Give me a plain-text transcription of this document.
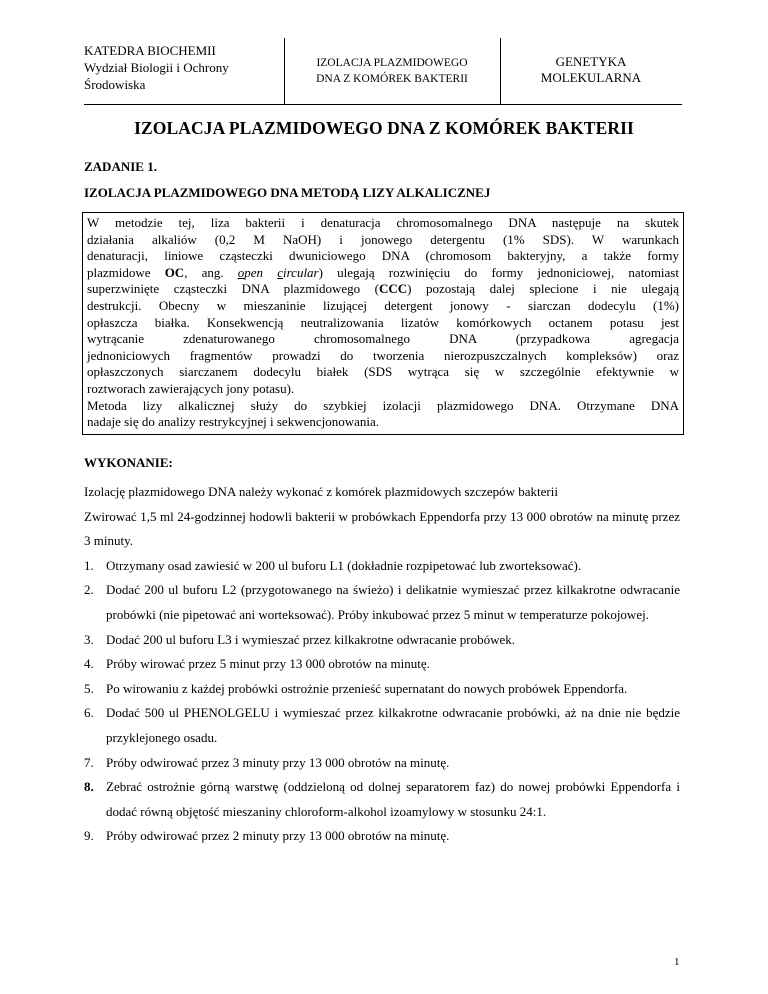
KATEDRA BIOCHEMII
Wydział Biologii i Ochrony
Środowiska
IZOLACJA PLAZMIDOWEGO
DNA Z KOMÓREK BAKTERII
GENETYKA
MOLEKULARNA
IZOLACJA PLAZMIDOWEGO DNA Z KOMÓREK BAKTERII
ZADANIE 1.
IZOLACJA PLAZMIDOWEGO DNA METODĄ LIZY ALKALICZNEJ

W metodzie tej, liza bakterii i denaturacja chromosomalnego DNA następuje na skutek

działania alkaliów (0,2 M NaOH) i jonowego detergentu (1% SDS). W warunkach

denaturacji, liniowe cząsteczki dwuniciowego DNA (chromosom bakteryjny, a także formy

plazmidowe OC, ang. open circular) ulegają rozwinięciu do formy jednoniciowej, natomiast

superzwinięte cząsteczki DNA plazmidowego (CCC) pozostają dalej splecione i nie ulegają

destrukcji. Obecny w mieszaninie lizującej detergent jonowy - siarczan dodecylu (1%)

opłaszcza białka. Konsekwencją neutralizowania lizatów komórkowych octanem potasu jest

wytrącanie zdenaturowanego chromosomalnego DNA (przypadkowa agregacja

jednoniciowych fragmentów prowadzi do tworzenia nierozpuszczalnych kompleksów) oraz

opłaszczonych siarczanem dodecylu białek (SDS wytrąca się w szczególnie efektywnie w

roztworach zawierających jony potasu).

Metoda lizy alkalicznej służy do szybkiej izolacji plazmidowego DNA. Otrzymane DNA

nadaje się do analizy restrykcyjnej i sekwencjonowania.

WYKONANIE:

Izolację plazmidowego DNA należy wykonać z komórek plazmidowych szczepów bakterii

Zwirować 1,5 ml 24-godzinnej hodowli bakterii w probówkach Eppendorfa przy 13 000 obrotów na minutę przez 3 minuty.

1. Otrzymany osad zawiesić w 200 ul buforu L1 (dokładnie rozpipetować lub zworteksować).
2. Dodać 200 ul buforu L2 (przygotowanego na świeżo) i delikatnie wymieszać przez kilkakrotne odwracanie probówki (nie pipetować ani worteksować). Próby inkubować przez 5 minut w temperaturze pokojowej.
3. Dodać 200 ul buforu L3 i wymieszać przez kilkakrotne odwracanie probówek.
4. Próby wirować przez 5 minut przy 13 000 obrotów na minutę.
5. Po wirowaniu z każdej probówki ostrożnie przenieść supernatant do nowych probówek Eppendorfa.
6. Dodać 500 ul PHENOLGELU i wymieszać przez kilkakrotne odwracanie probówki, aż na dnie nie będzie przyklejonego osadu.
7. Próby odwirować przez 3 minuty przy 13 000 obrotów na minutę.
8. Zebrać ostrożnie górną warstwę (oddzieloną od dolnej separatorem faz) do nowej probówki Eppendorfa i dodać równą objętość mieszaniny chloroform-alkohol izoamylowy w stosunku 24:1.
9. Próby odwirować przez 2 minuty przy 13 000 obrotów na minutę.
1
